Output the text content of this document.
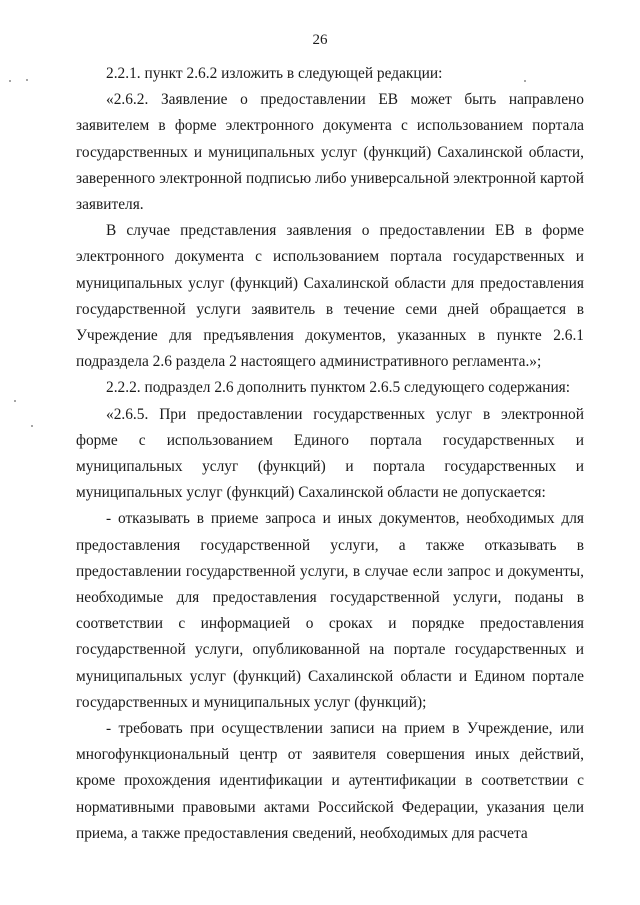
26

2.2.1. пункт 2.6.2 изложить в следующей редакции:

«2.6.2. Заявление о предоставлении ЕВ может быть направлено заявителем в форме электронного документа с использованием портала государственных и муниципальных услуг (функций) Сахалинской области, заверенного электронной подписью либо универсальной электронной картой заявителя.

В случае представления заявления о предоставлении ЕВ в форме электронного документа с использованием портала государственных и муниципальных услуг (функций) Сахалинской области для предоставления государственной услуги заявитель в течение семи дней обращается в Учреждение для предъявления документов, указанных в пункте 2.6.1 подраздела 2.6 раздела 2 настоящего административного регламента.»;

2.2.2. подраздел 2.6 дополнить пунктом 2.6.5 следующего содержания:

«2.6.5. При предоставлении государственных услуг в электронной форме с использованием Единого портала государственных и муниципальных услуг (функций) и портала государственных и муниципальных услуг (функций) Сахалинской области не допускается:

- отказывать в приеме запроса и иных документов, необходимых для предоставления государственной услуги, а также отказывать в предоставлении государственной услуги, в случае если запрос и документы, необходимые для предоставления государственной услуги, поданы в соответствии с информацией о сроках и порядке предоставления государственной услуги, опубликованной на портале государственных и муниципальных услуг (функций) Сахалинской области и Едином портале государственных и муниципальных услуг (функций);

- требовать при осуществлении записи на прием в Учреждение, или многофункциональный центр от заявителя совершения иных действий, кроме прохождения идентификации и аутентификации в соответствии с нормативными правовыми актами Российской Федерации, указания цели приема, а также предоставления сведений, необходимых для расчета
